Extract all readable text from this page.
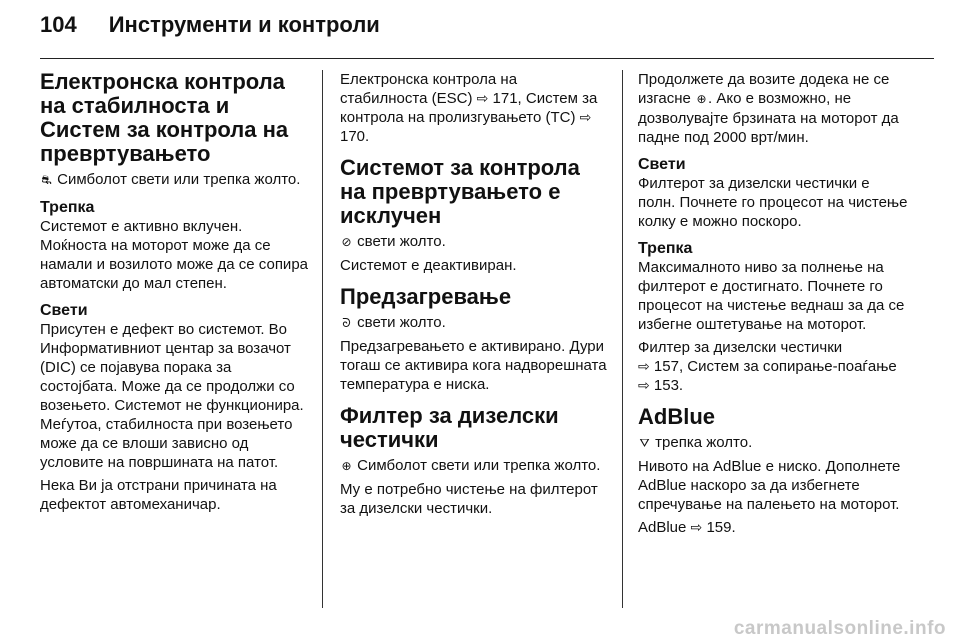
104 Инструменти и контроли
Електронска контрола на стабилноста и Систем за контрола на превртувањето

⛐ Симболот свети или трепка жолто.

Трепка

Системот е активно вклучен. Моќноста на моторот може да се намали и возилото може да се сопира автоматски до мал степен.

Свети

Присутен е дефект во системот. Во Информативниот центар за возачот (DIC) се појавува порака за состојбата. Може да се продолжи со возењето. Системот не функционира. Меѓутоа, стабилноста при возењето може да се влоши зависно од условите на површината на патот.

Нека Ви ја отстрани причината на дефектот автомеханичар.

Електронска контрола на стабилноста (ESC) ⇨ 171, Систем за контрола на пролизгувањето (TC) ⇨ 170.

Системот за контрола на превртувањето е исклучен

⊘ свети жолто.

Системот е деактивиран.

Предзагревање

ᘐ свети жолто.

Предзагревањето е активирано. Дури тогаш се активира кога надворешната температура е ниска.

Филтер за дизелски честички

⊕ Симболот свети или трепка жолто.

Му е потребно чистење на филтерот за дизелски честички.

Продолжете да возите додека не се изгасне ⊕. Ако е возможно, не дозволувајте брзината на моторот да падне под 2000 врт/мин.

Свети

Филтерот за дизелски честички е полн. Почнете го процесот на чистење колку е можно поскоро.

Трепка

Максималното ниво за полнење на филтерот е достигнато. Почнете го процесот на чистење веднаш за да се избегне оштетување на моторот.

Филтер за дизелски честички
⇨ 157, Систем за сопирање-поаѓање ⇨ 153.

AdBlue

⛛ трепка жолто.

Нивото на AdBlue е ниско. Дополнете AdBlue наскоро за да избегнете спречување на палењето на моторот.

AdBlue ⇨ 159.

carmanualsonline.info
